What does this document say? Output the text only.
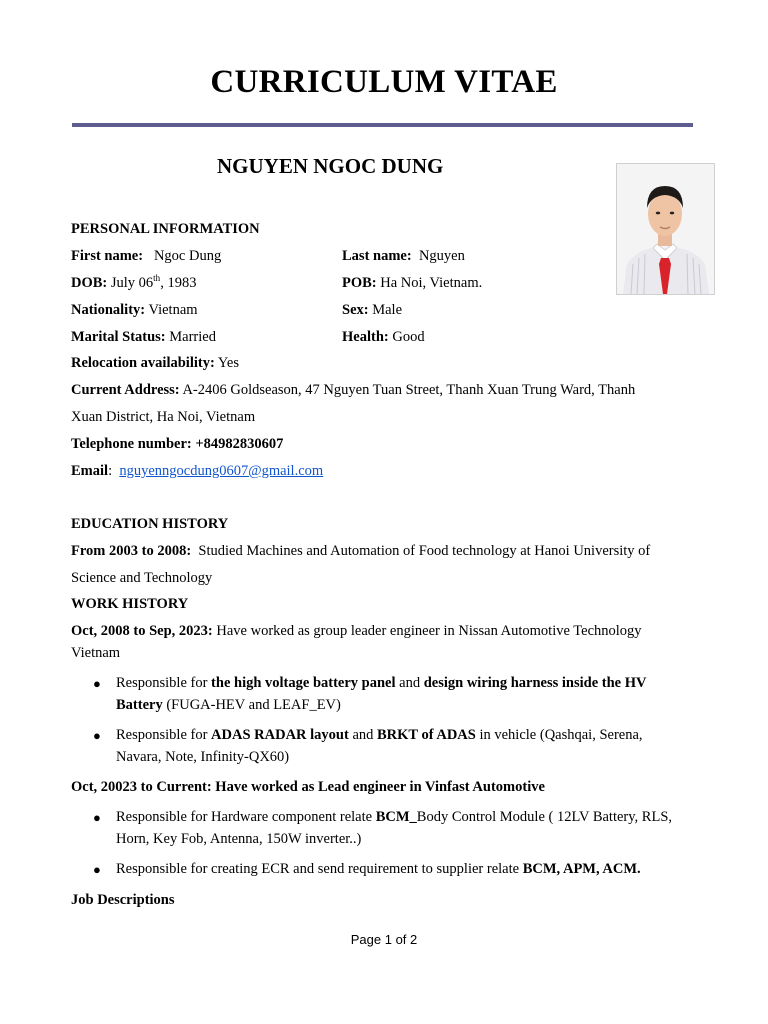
CURRICULUM VITAE
NGUYEN NGOC DUNG
PERSONAL INFORMATION
First name: Ngoc Dung	Last name: Nguyen
DOB: July 06th, 1983	POB: Ha Noi, Vietnam.
Nationality: Vietnam	Sex: Male
Marital Status: Married	Health: Good
Relocation availability: Yes
Current Address: A-2406 Goldseason, 47 Nguyen Tuan Street, Thanh Xuan Trung Ward, Thanh
Xuan District, Ha Noi, Vietnam
Telephone number: +84982830607
Email: nguyenngocdung0607@gmail.com
EDUCATION HISTORY
From 2003 to 2008: Studied Machines and Automation of Food technology at Hanoi University of
Science and Technology
WORK HISTORY
Oct, 2008 to Sep, 2023: Have worked as group leader engineer in Nissan Automotive Technology
Vietnam
● Responsible for the high voltage battery panel and design wiring harness inside the HV
Battery (FUGA-HEV and LEAF_EV)
● Responsible for ADAS RADAR layout and BRKT of ADAS in vehicle (Qashqai, Serena,
Navara, Note, Infinity-QX60)
Oct, 20023 to Current: Have worked as Lead engineer in Vinfast Automotive
● Responsible for Hardware component relate BCM_Body Control Module ( 12LV Battery, RLS,
Horn, Key Fob, Antenna, 150W inverter..)
● Responsible for creating ECR and send requirement to supplier relate BCM, APM, ACM.
Job Descriptions
Page 1 of 2
